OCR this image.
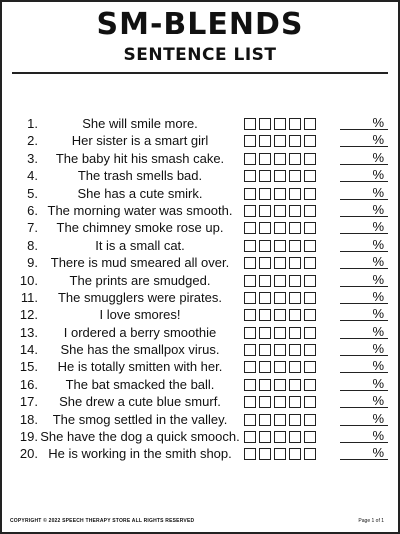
SM-BLENDS
SENTENCE LIST
1.	She will smile more.	%
2.	Her sister is a smart girl	%
3.	The baby hit his smash cake.	%
4.	The trash smells bad.	%
5.	She has a cute smirk.	%
6. The morning water was smooth.	%
7.	The chimney smoke rose up.	%
8.	It is a small cat.	%
9. There is mud smeared all over.	%
10.	The prints are smudged.	%
11.	The smugglers were pirates.	%
12.	I love smores!	%
13.	I ordered a berry smoothie	%
14.	She has the smallpox virus.	%
15.	He is totally smitten with her.	%
16.	The bat smacked the ball.	%
17.	She drew a cute blue smurf.	%
18.	The smog settled in the valley.	%
19. She have the dog a quick smooch.	%
20. He is working in the smith shop.	%
COPYRIGHT © 2022 SPEECH THERAPY STORE ALL RIGHTS RESERVED	Page 1 of 1
